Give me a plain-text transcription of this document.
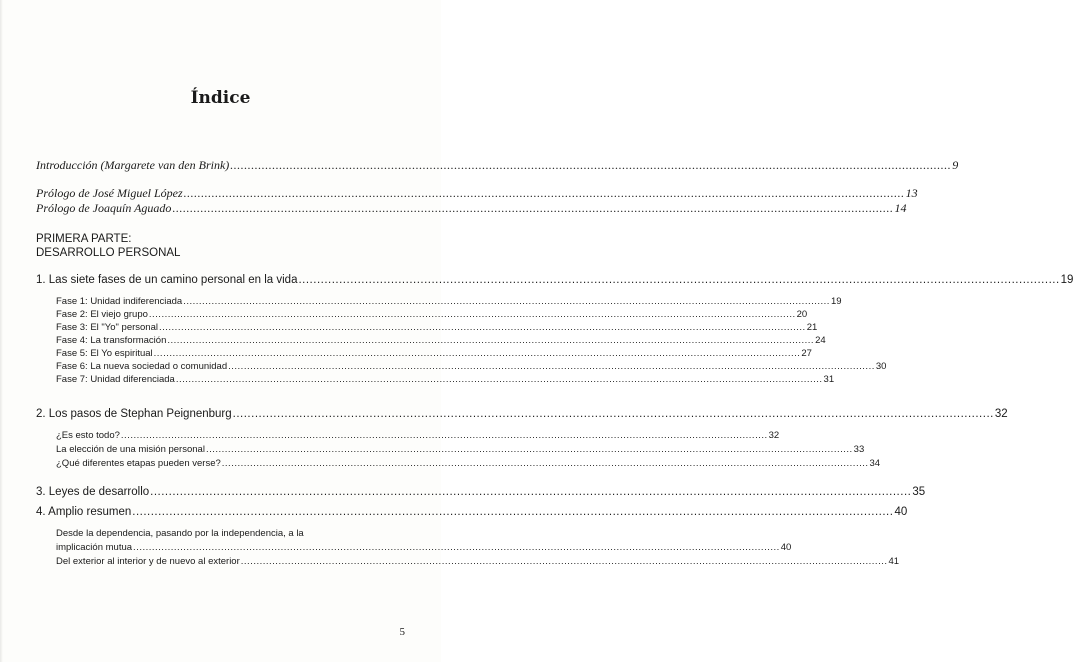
Índice
Introducción (Margarete van den Brink) .............................................................................................................................................................................................................. 9
Prólogo de José Miguel López .............................................................................................................................................................................................................. 13
Prólogo de Joaquín Aguado .............................................................................................................................................................................................................. 14
PRIMERA PARTE:
DESARROLLO PERSONAL
1. Las siete fases de un camino personal en la vida .............................................................................................................................................................................................................. 19
Fase 1: Unidad indiferenciada .............................................................................................................................................................................................................. 19
Fase 2: El viejo grupo .............................................................................................................................................................................................................. 20
Fase 3: El "Yo" personal .............................................................................................................................................................................................................. 21
Fase 4: La transformación .............................................................................................................................................................................................................. 24
Fase 5: El Yo espiritual .............................................................................................................................................................................................................. 27
Fase 6: La nueva sociedad o comunidad .............................................................................................................................................................................................................. 30
Fase 7: Unidad diferenciada .............................................................................................................................................................................................................. 31
2. Los pasos de Stephan Peignenburg .............................................................................................................................................................................................................. 32
¿Es esto todo? .............................................................................................................................................................................................................. 32
La elección de una misión personal .............................................................................................................................................................................................................. 33
¿Qué diferentes etapas pueden verse? .............................................................................................................................................................................................................. 34
3. Leyes de desarrollo .............................................................................................................................................................................................................. 35
4. Amplio resumen .............................................................................................................................................................................................................. 40
Desde la dependencia, pasando por la independencia, a la
implicación mutua .............................................................................................................................................................................................................. 40
Del exterior al interior y de nuevo al exterior .............................................................................................................................................................................................................. 41
5
